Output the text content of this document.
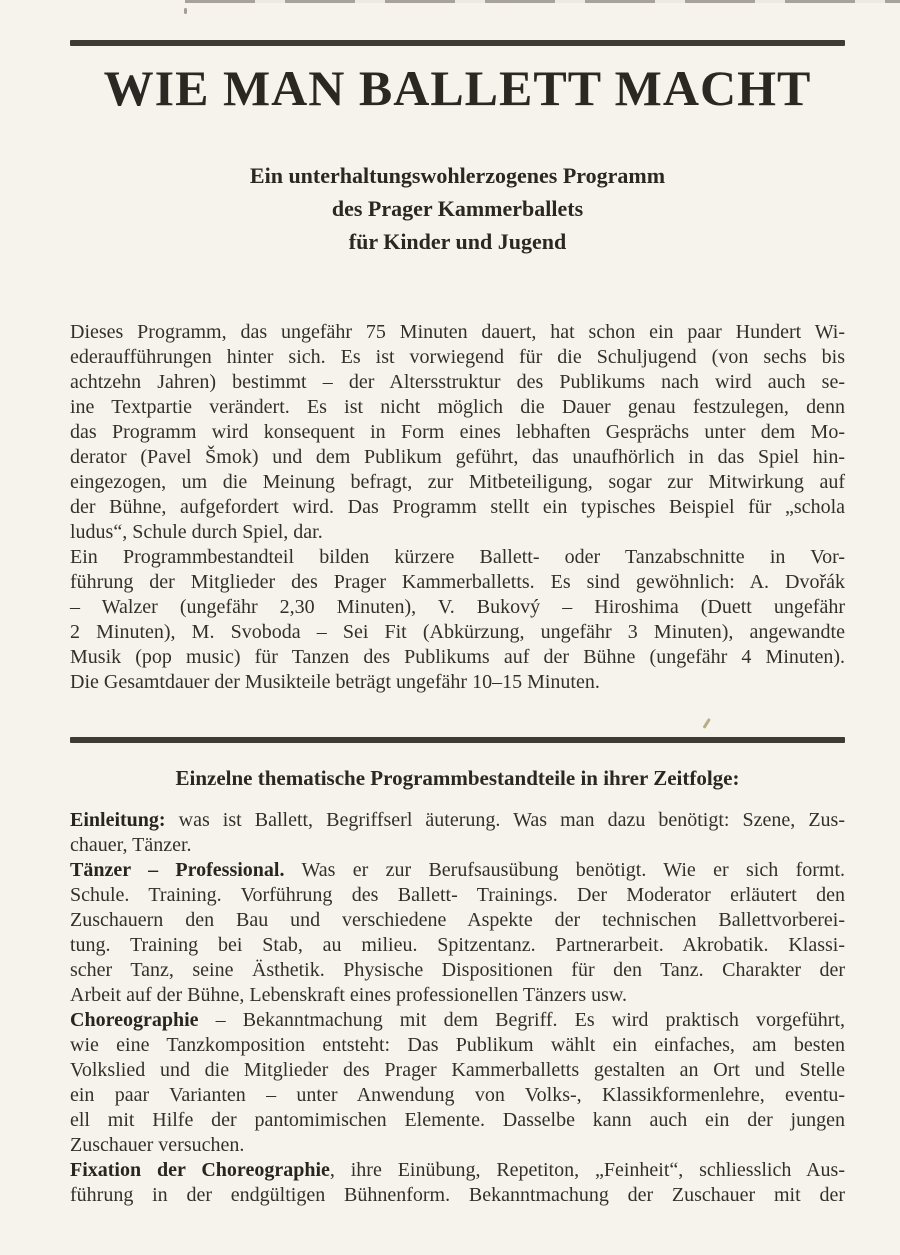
WIE MAN BALLETT MACHT
Ein unterhaltungswohlerzogenes Programm
des Prager Kammerballets
für Kinder und Jugend
Dieses Programm, das ungefähr 75 Minuten dauert, hat schon ein paar Hundert Wi-
ederaufführungen hinter sich. Es ist vorwiegend für die Schuljugend (von sechs bis
achtzehn Jahren) bestimmt – der Altersstruktur des Publikums nach wird auch se-
ine Textpartie verändert. Es ist nicht möglich die Dauer genau festzulegen, denn
das Programm wird konsequent in Form eines lebhaften Gesprächs unter dem Mo-
derator (Pavel Šmok) und dem Publikum geführt, das unaufhörlich in das Spiel hin-
eingezogen, um die Meinung befragt, zur Mitbeteiligung, sogar zur Mitwirkung auf
der Bühne, aufgefordert wird. Das Programm stellt ein typisches Beispiel für „schola
ludus“, Schule durch Spiel, dar.
Ein Programmbestandteil bilden kürzere Ballett- oder Tanzabschnitte in Vor-
führung der Mitglieder des Prager Kammerballetts. Es sind gewöhnlich: A. Dvořák
– Walzer (ungefähr 2,30 Minuten), V. Bukový – Hiroshima (Duett ungefähr
2 Minuten), M. Svoboda – Sei Fit (Abkürzung, ungefähr 3 Minuten), angewandte
Musik (pop music) für Tanzen des Publikums auf der Bühne (ungefähr 4 Minuten).
Die Gesamtdauer der Musikteile beträgt ungefähr 10–15 Minuten.
Einzelne thematische Programmbestandteile in ihrer Zeitfolge:
Einleitung: was ist Ballett, Begriffserl äuterung. Was man dazu benötigt: Szene, Zus-
chauer, Tänzer.
Tänzer – Professional. Was er zur Berufsausübung benötigt. Wie er sich formt.
Schule. Training. Vorführung des Ballett- Trainings. Der Moderator erläutert den
Zuschauern den Bau und verschiedene Aspekte der technischen Ballettvorberei-
tung. Training bei Stab, au milieu. Spitzentanz. Partnerarbeit. Akrobatik. Klassi-
scher Tanz, seine Ästhetik. Physische Dispositionen für den Tanz. Charakter der
Arbeit auf der Bühne, Lebenskraft eines professionellen Tänzers usw.
Choreographie – Bekanntmachung mit dem Begriff. Es wird praktisch vorgeführt,
wie eine Tanzkomposition entsteht: Das Publikum wählt ein einfaches, am besten
Volkslied und die Mitglieder des Prager Kammerballetts gestalten an Ort und Stelle
ein paar Varianten – unter Anwendung von Volks-, Klassikformenlehre, eventu-
ell mit Hilfe der pantomimischen Elemente. Dasselbe kann auch ein der jungen
Zuschauer versuchen.
Fixation der Choreographie, ihre Einübung, Repetiton, „Feinheit“, schliesslich Aus-
führung in der endgültigen Bühnenform. Bekanntmachung der Zuschauer mit der
